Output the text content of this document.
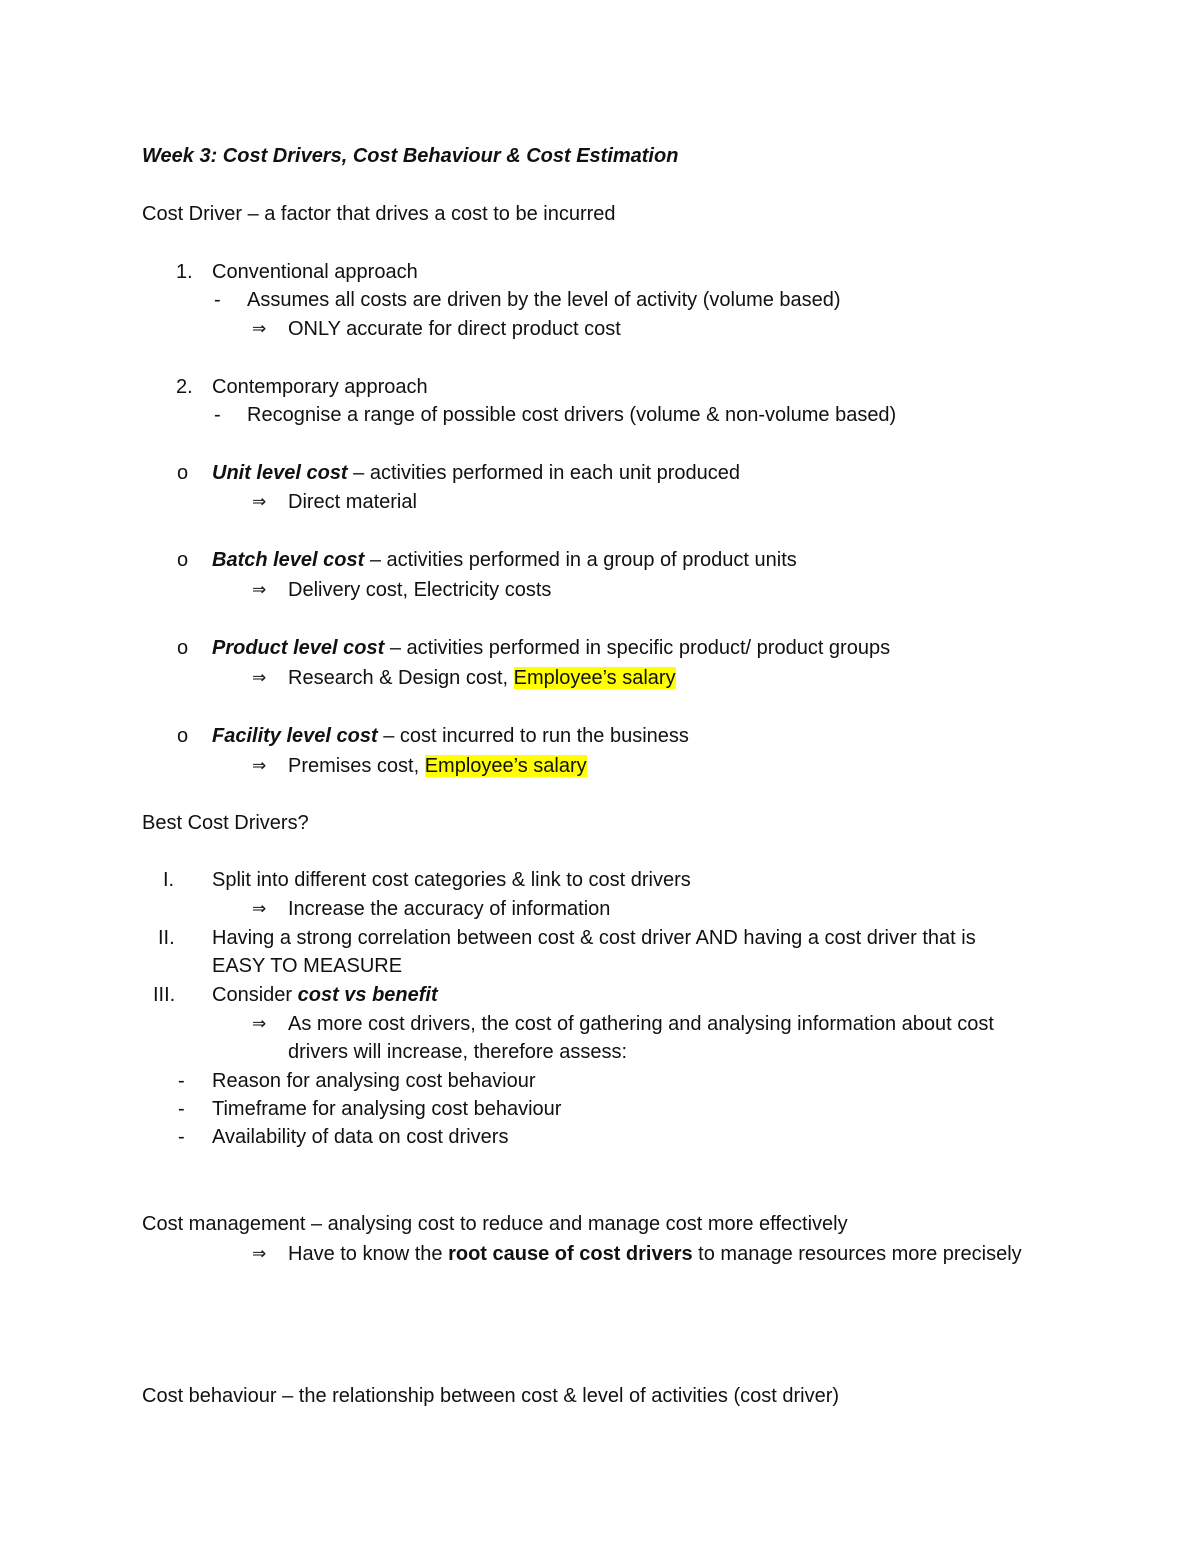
Week 3: Cost Drivers, Cost Behaviour & Cost Estimation
Cost Driver – a factor that drives a cost to be incurred
1. Conventional approach
- Assumes all costs are driven by the level of activity (volume based)
⇒ ONLY accurate for direct product cost
2. Contemporary approach
- Recognise a range of possible cost drivers (volume & non-volume based)
o Unit level cost – activities performed in each unit produced
⇒ Direct material
o Batch level cost – activities performed in a group of product units
⇒ Delivery cost, Electricity costs
o Product level cost – activities performed in specific product/ product groups
⇒ Research & Design cost, Employee’s salary
o Facility level cost – cost incurred to run the business
⇒ Premises cost, Employee’s salary
Best Cost Drivers?
I. Split into different cost categories & link to cost drivers
⇒ Increase the accuracy of information
II. Having a strong correlation between cost & cost driver AND having a cost driver that is
EASY TO MEASURE
III. Consider cost vs benefit
⇒ As more cost drivers, the cost of gathering and analysing information about cost
drivers will increase, therefore assess:
- Reason for analysing cost behaviour
- Timeframe for analysing cost behaviour
- Availability of data on cost drivers
Cost management – analysing cost to reduce and manage cost more effectively
⇒ Have to know the root cause of cost drivers to manage resources more precisely
Cost behaviour – the relationship between cost & level of activities (cost driver)
